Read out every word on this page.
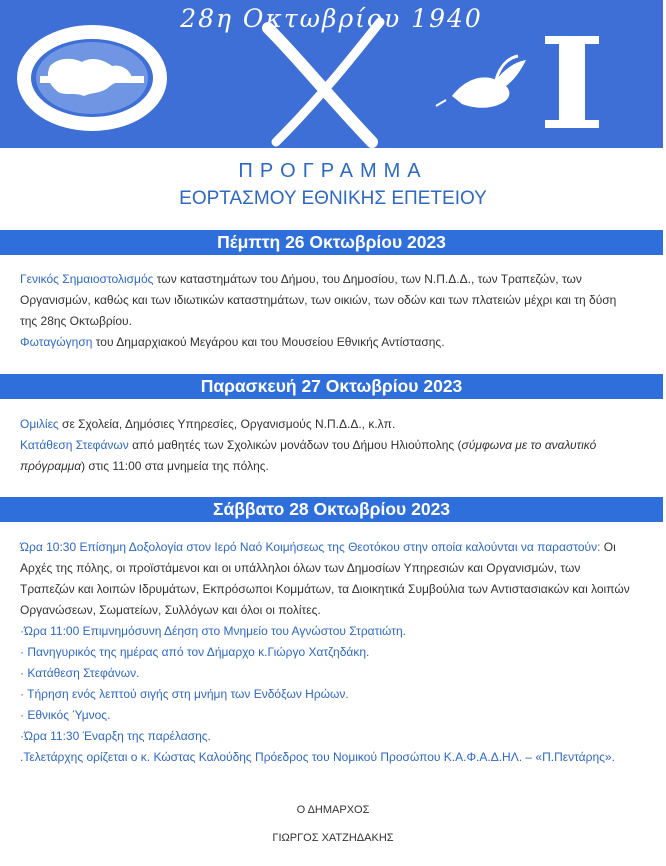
Χ
28η Οκτωβρίου 1940
ΠΡΟΓΡΑΜΜΑ
ΕΟΡΤΑΣΜΟΥ ΕΘΝΙΚΗΣ ΕΠΕΤΕΙΟΥ
Πέμπτη 26 Οκτωβρίου 2023

Γενικός Σημαιοστολισμός των καταστημάτων του Δήμου, του Δημοσίου, των Ν.Π.Δ.Δ., των Τραπεζών, των Οργανισμών, καθώς και των ιδιωτικών καταστημάτων, των οικιών, των οδών και των πλατειών μέχρι και τη δύση της 28ης Οκτωβρίου.

Φωταγώγηση του Δημαρχιακού Μεγάρου και του Μουσείου Εθνικής Αντίστασης.

Παρασκευή 27 Οκτωβρίου 2023

Ομιλίες σε Σχολεία, Δημόσιες Υπηρεσίες, Οργανισμούς Ν.Π.Δ.Δ., κ.λπ.

Κατάθεση Στεφάνων από μαθητές των Σχολικών μονάδων του Δήμου Ηλιούπολης (σύμφωνα με το αναλυτικό πρόγραμμα) στις 11:00 στα μνημεία της πόλης.

Σάββατο 28 Οκτωβρίου 2023

Ώρα 10:30 Επίσημη Δοξολογία στον Ιερό Ναό Κοιμήσεως της Θεοτόκου στην οποία καλούνται να παραστούν: Οι Αρχές της πόλης, οι προϊστάμενοι και οι υπάλληλοι όλων των Δημοσίων Υπηρεσιών και Οργανισμών, των Τραπεζών και λοιπών Ιδρυμάτων, Εκπρόσωποι Κομμάτων, τα Διοικητικά Συμβούλια των Αντιστασιακών και λοιπών Οργανώσεων, Σωματείων, Συλλόγων και όλοι οι πολίτες.

·Ώρα 11:00 Επιμνημόσυνη Δέηση στο Μνημείο του Αγνώστου Στρατιώτη.

· Πανηγυρικός της ημέρας από τον Δήμαρχο κ.Γιώργο Χατζηδάκη.

· Κατάθεση Στεφάνων.

· Τήρηση ενός λεπτού σιγής στη μνήμη των Ενδόξων Ηρώων.

· Εθνικός Ύμνος.

·Ώρα 11:30 Έναρξη της παρέλασης.

.Τελετάρχης ορίζεται ο κ. Κώστας Καλούδης Πρόεδρος του Νομικού Προσώπου Κ.Α.Φ.Α.Δ.ΗΛ. – «Π.Πεντάρης».

Ο ΔΗΜΑΡΧΟΣ
ΓΙΩΡΓΟΣ ΧΑΤΖΗΔΑΚΗΣ
